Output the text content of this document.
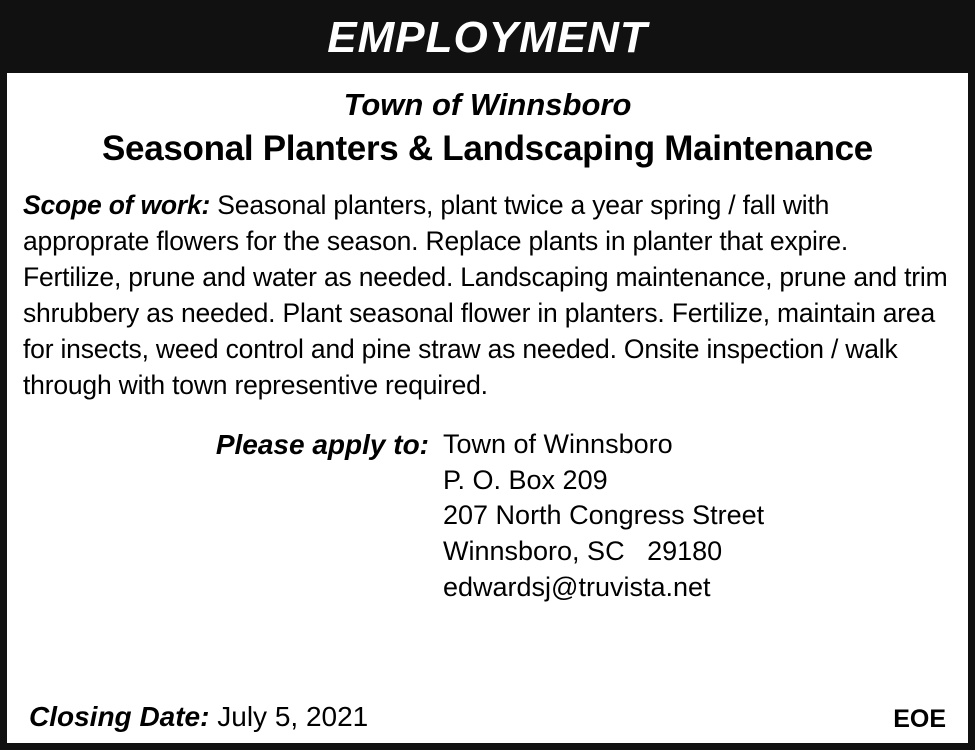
EMPLOYMENT
Town of Winnsboro
Seasonal Planters & Landscaping Maintenance
Scope of work: Seasonal planters, plant twice a year spring / fall with approprate flowers for the season. Replace plants in planter that expire. Fertilize, prune and water as needed. Landscaping maintenance, prune and trim shrubbery as needed. Plant seasonal flower in planters. Fertilize, maintain area for insects, weed control and pine straw as needed. Onsite inspection / walk through with town representive required.
Please apply to: Town of Winnsboro
P. O. Box 209
207 North Congress Street
Winnsboro, SC   29180
edwardsj@truvista.net
Closing Date: July 5, 2021	EOE
